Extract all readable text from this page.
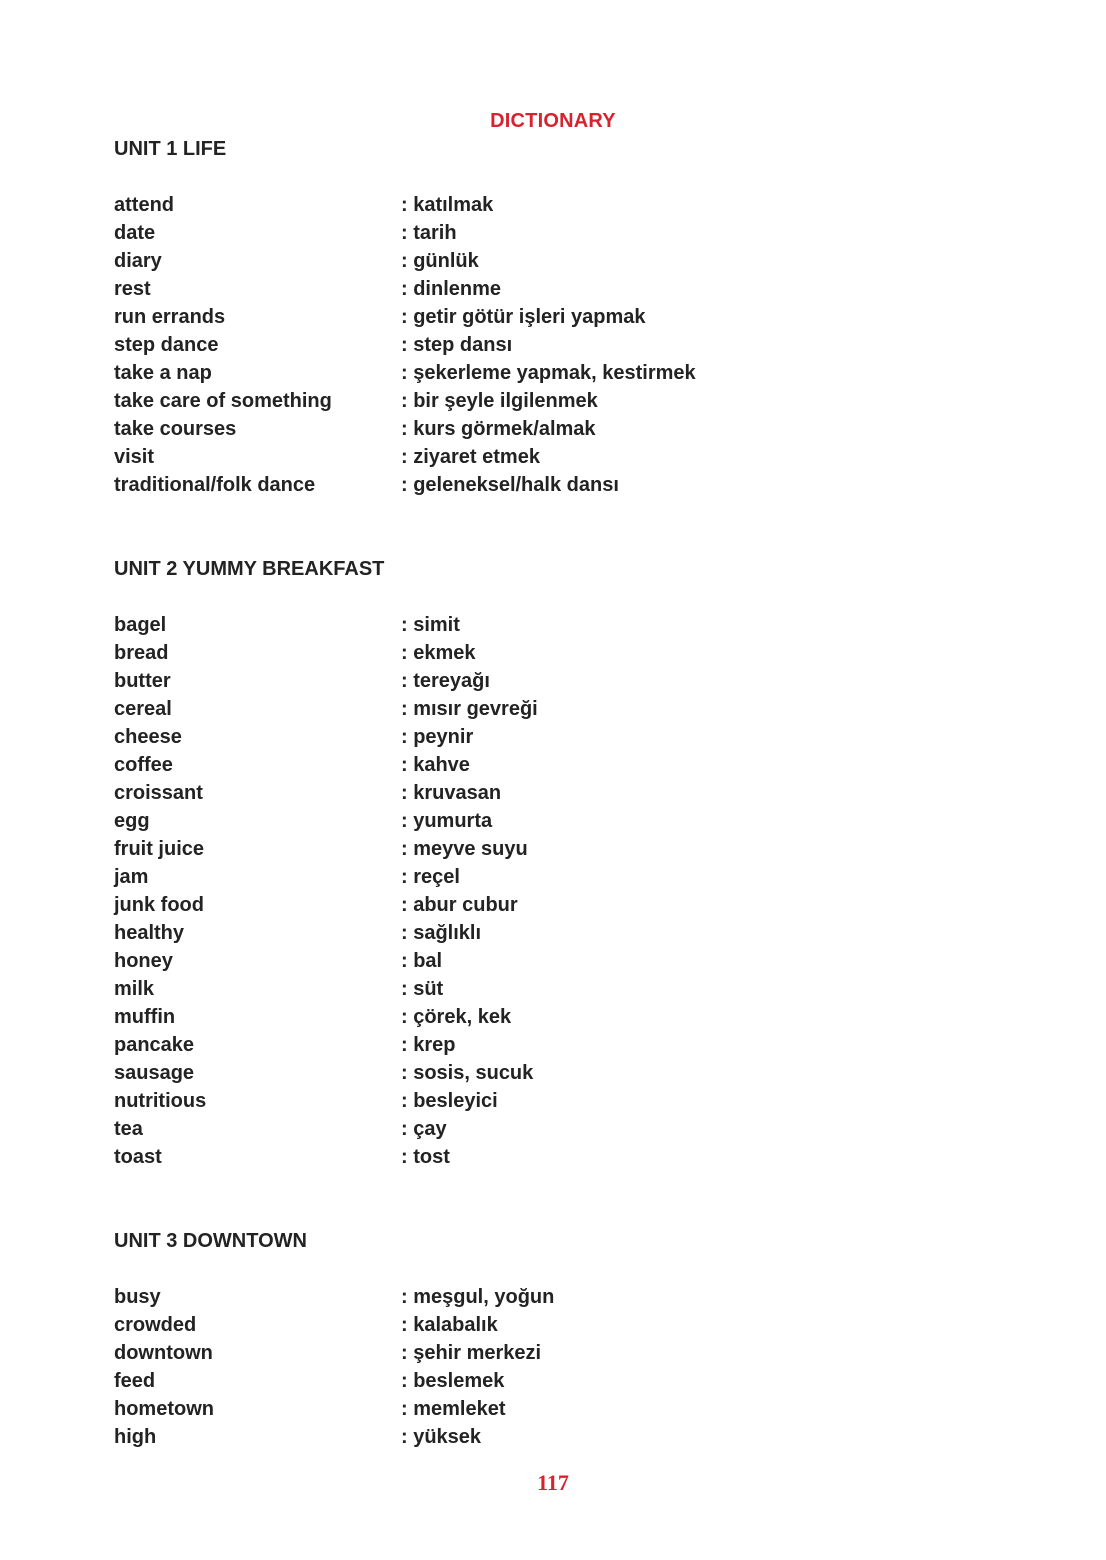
DICTIONARY
UNIT 1 LIFE
attend	: katılmak
date	: tarih
diary	: günlük
rest	: dinlenme
run errands	: getir götür işleri yapmak
step dance	: step dansı
take a nap	: şekerleme yapmak, kestirmek
take care of something	: bir şeyle ilgilenmek
take courses	: kurs görmek/almak
visit	: ziyaret etmek
traditional/folk dance	: geleneksel/halk dansı
UNIT 2 YUMMY BREAKFAST
bagel	: simit
bread	: ekmek
butter	: tereyağı
cereal	: mısır gevreği
cheese	: peynir
coffee	: kahve
croissant	: kruvasan
egg	: yumurta
fruit juice	: meyve suyu
jam	: reçel
junk food	: abur cubur
healthy	: sağlıklı
honey	: bal
milk	: süt
muffin	: çörek, kek
pancake	: krep
sausage	: sosis, sucuk
nutritious	: besleyici
tea	: çay
toast	: tost
UNIT 3 DOWNTOWN
busy	: meşgul, yoğun
crowded	: kalabalık
downtown	: şehir merkezi
feed	: beslemek
hometown	: memleket
high	: yüksek
117
